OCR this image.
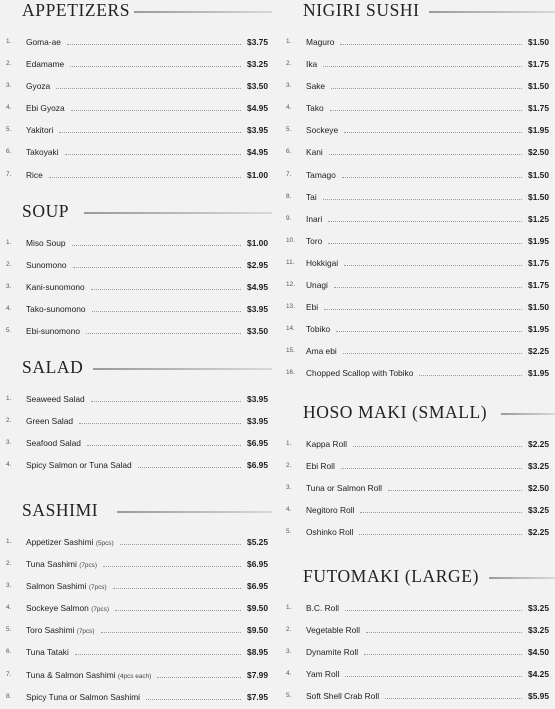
APPETIZERS
1. Goma-ae	$3.75
2. Edamame	$3.25
3. Gyoza	$3.50
4. Ebi Gyoza	$4.95
5. Yakitori	$3.95
6. Takoyaki	$4.95
7. Rice	$1.00
SOUP
1. Miso Soup	$1.00
2. Sunomono	$2.95
3. Kani-sunomono	$4.95
4. Tako-sunomono	$3.95
5. Ebi-sunomono	$3.50
SALAD
1. Seaweed Salad	$3.95
2. Green Salad	$3.95
3. Seafood Salad	$6.95
4. Spicy Salmon or Tuna Salad	$6.95
SASHIMI
1. Appetizer Sashimi (5pcs)	$5.25
2. Tuna Sashimi (7pcs)	$6.95
3. Salmon Sashimi (7pcs)	$6.95
4. Sockeye Salmon (7pcs)	$9.50
5. Toro Sashimi (7pcs)	$9.50
6. Tuna Tataki	$8.95
7. Tuna & Salmon Sashimi (4pcs each)	$7.99
8. Spicy Tuna or Salmon Sashimi	$7.95
NIGIRI SUSHI
1. Maguro	$1.50
2. Ika	$1.75
3. Sake	$1.50
4. Tako	$1.75
5. Sockeye	$1.95
6. Kani	$2.50
7. Tamago	$1.50
8. Tai	$1.50
9. Inari	$1.25
10. Toro	$1.95
11. Hokkigai	$1.75
12. Unagi	$1.75
13. Ebi	$1.50
14. Tobiko	$1.95
15. Ama ebi	$2.25
16. Chopped Scallop with Tobiko	$1.95
HOSO MAKI (SMALL)
1. Kappa Roll	$2.25
2. Ebi Roll	$3.25
3. Tuna or Salmon Roll	$2.50
4. Negitoro Roll	$3.25
5. Oshinko Roll	$2.25
FUTOMAKI (LARGE)
1. B.C. Roll	$3.25
2. Vegetable Roll	$3.25
3. Dynamite Roll	$4.50
4. Yam Roll	$4.25
5. Soft Shell Crab Roll	$5.95
